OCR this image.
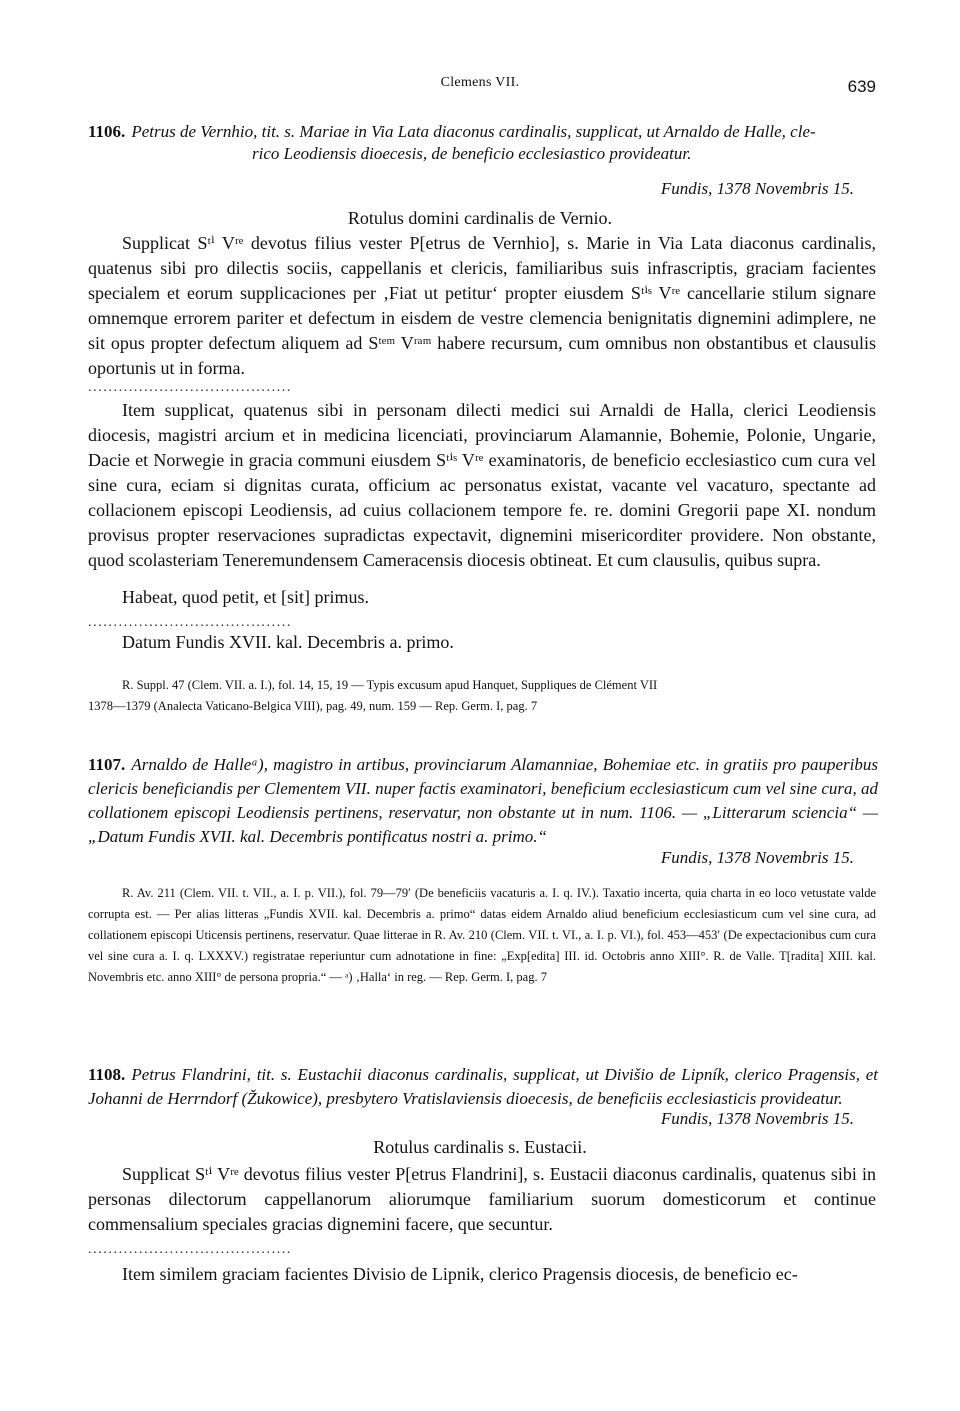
Clemens VII.	639
1106. Petrus de Vernhio, tit. s. Mariae in Via Lata diaconus cardinalis, supplicat, ut Arnaldo de Halle, cle-
rico Leodiensis dioecesis, de beneficio ecclesiastico provideatur.
Fundis, 1378 Novembris 15.
Rotulus domini cardinalis de Vernio.
Supplicat Sᵗⁱ Vʳᵉ devotus filius vester P[etrus de Vernhio], s. Marie in Via Lata diaconus cardinalis, quatenus sibi pro dilectis sociis, cappellanis et clericis, familiaribus suis infrascriptis, graciam facientes specialem et eorum supplicaciones per ‚Fiat ut petitur‘ propter eiusdem Sᵗⁱˢ Vʳᵉ cancellarie stilum signare omnemque errorem pariter et defectum in eisdem de vestre clemencia benignitatis dignemini adimplere, ne sit opus propter defectum aliquem ad Sᵗᵉᵐ Vʳᵃᵐ habere recursum, cum omnibus non obstantibus et clausulis oportunis ut in forma.
........................................
Item supplicat, quatenus sibi in personam dilecti medici sui Arnaldi de Halla, clerici Leodiensis diocesis, magistri arcium et in medicina licenciati, provinciarum Alamannie, Bohemie, Polonie, Ungarie, Dacie et Norwegie in gracia communi eiusdem Sᵗⁱˢ Vʳᵉ examinatoris, de beneficio ecclesiastico cum cura vel sine cura, eciam si dignitas curata, officium ac personatus existat, vacante vel vacaturo, spectante ad collacionem episcopi Leodiensis, ad cuius collacionem tempore fe. re. domini Gregorii pape XI. nondum provisus propter reservaciones supradictas expectavit, dignemini misericorditer providere. Non obstante, quod scolasteriam Teneremundensem Cameracensis diocesis obtineat. Et cum clausulis, quibus supra.
Habeat, quod petit, et [sit] primus.
........................................
Datum Fundis XVII. kal. Decembris a. primo.
R. Suppl. 47 (Clem. VII. a. I.), fol. 14, 15, 19 — Typis excusum apud Hanquet, Suppliques de Clément VII
1378—1379 (Analecta Vaticano-Belgica VIII), pag. 49, num. 159 — Rep. Germ. I, pag. 7
1107. Arnaldo de Halleᵃ), magistro in artibus, provinciarum Alamanniae, Bohemiae etc. in gratiis pro pauperibus clericis beneficiandis per Clementem VII. nuper factis examinatori, beneficium ecclesiasticum cum vel sine cura, ad collationem episcopi Leodiensis pertinens, reservatur, non obstante ut in num. 1106. — „Litterarum sciencia“ — „Datum Fundis XVII. kal. Decembris pontificatus nostri a. primo.“
Fundis, 1378 Novembris 15.
R. Av. 211 (Clem. VII. t. VII., a. I. p. VII.), fol. 79—79′ (De beneficiis vacaturis a. I. q. IV.). Taxatio incerta, quia charta in eo loco vetustate valde corrupta est. — Per alias litteras „Fundis XVII. kal. Decembris a. primo“ datas eidem Arnaldo aliud beneficium ecclesiasticum cum vel sine cura, ad collationem episcopi Uticensis pertinens, reservatur. Quae litterae in R. Av. 210 (Clem. VII. t. VI., a. I. p. VI.), fol. 453—453′ (De expectacionibus cum cura vel sine cura a. I. q. LXXXV.) registratae reperiuntur cum adnotatione in fine: „Exp[edita] III. id. Octobris anno XIII°. R. de Valle. T[radita] XIII. kal. Novembris etc. anno XIII° de persona propria.“ — ᵃ) ‚Halla‘ in reg. — Rep. Germ. I, pag. 7
1108. Petrus Flandrini, tit. s. Eustachii diaconus cardinalis, supplicat, ut Divišio de Lipník, clerico Pragensis, et Johanni de Herrndorf (Žukowice), presbytero Vratislaviensis dioecesis, de beneficiis ecclesiasticis provideatur.
Fundis, 1378 Novembris 15.
Rotulus cardinalis s. Eustacii.
Supplicat Sᵗⁱ Vʳᵉ devotus filius vester P[etrus Flandrini], s. Eustacii diaconus cardinalis, quatenus sibi in personas dilectorum cappellanorum aliorumque familiarium suorum domesticorum et continue commensalium speciales gracias dignemini facere, que secuntur.
........................................
Item similem graciam facientes Divisio de Lipnik, clerico Pragensis diocesis, de beneficio ec-
